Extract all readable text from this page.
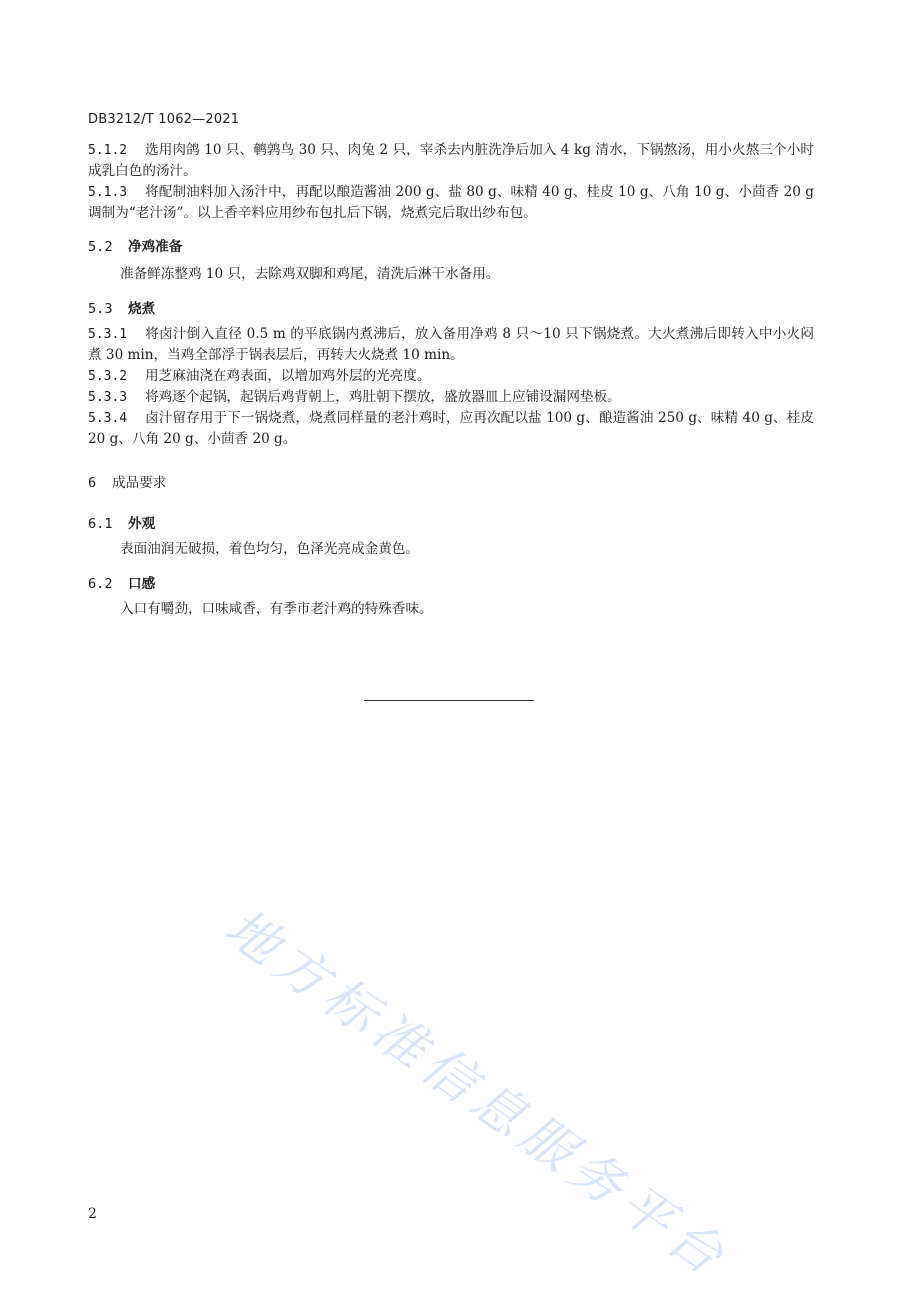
DB3212/T 1062—2021

5.1.2 选用肉鸽 10 只、鹌鹑鸟 30 只、肉兔 2 只，宰杀去内脏洗净后加入 4 kg 清水，下锅熬汤，用小火熬三个小时成乳白色的汤汁。

5.1.3 将配制油料加入汤汁中，再配以酿造酱油 200 g、盐 80 g、味精 40 g、桂皮 10 g、八角 10 g、小茴香 20 g 调制为“老汁汤”。以上香辛料应用纱布包扎后下锅，烧煮完后取出纱布包。

5.2 净鸡准备

准备鲜冻整鸡 10 只，去除鸡双脚和鸡尾，清洗后淋干水备用。

5.3 烧煮

5.3.1 将卤汁倒入直径 0.5 m 的平底锅内煮沸后，放入备用净鸡 8 只～10 只下锅烧煮。大火煮沸后即转入中小火闷煮 30 min，当鸡全部浮于锅表层后，再转大火烧煮 10 min。

5.3.2 用芝麻油浇在鸡表面，以增加鸡外层的光亮度。

5.3.3 将鸡逐个起锅，起锅后鸡背朝上，鸡肚朝下摆放，盛放器皿上应铺设漏网垫板。

5.3.4 卤汁留存用于下一锅烧煮，烧煮同样量的老汁鸡时，应再次配以盐 100 g、酿造酱油 250 g、味精 40 g、桂皮 20 g、八角 20 g、小茴香 20 g。

6 成品要求
6.1 外观

表面油润无破损，着色均匀，色泽光亮成金黄色。

6.2 口感

入口有嚼劲，口味咸香，有季市老汁鸡的特殊香味。

地方标准信息服务平台
2
